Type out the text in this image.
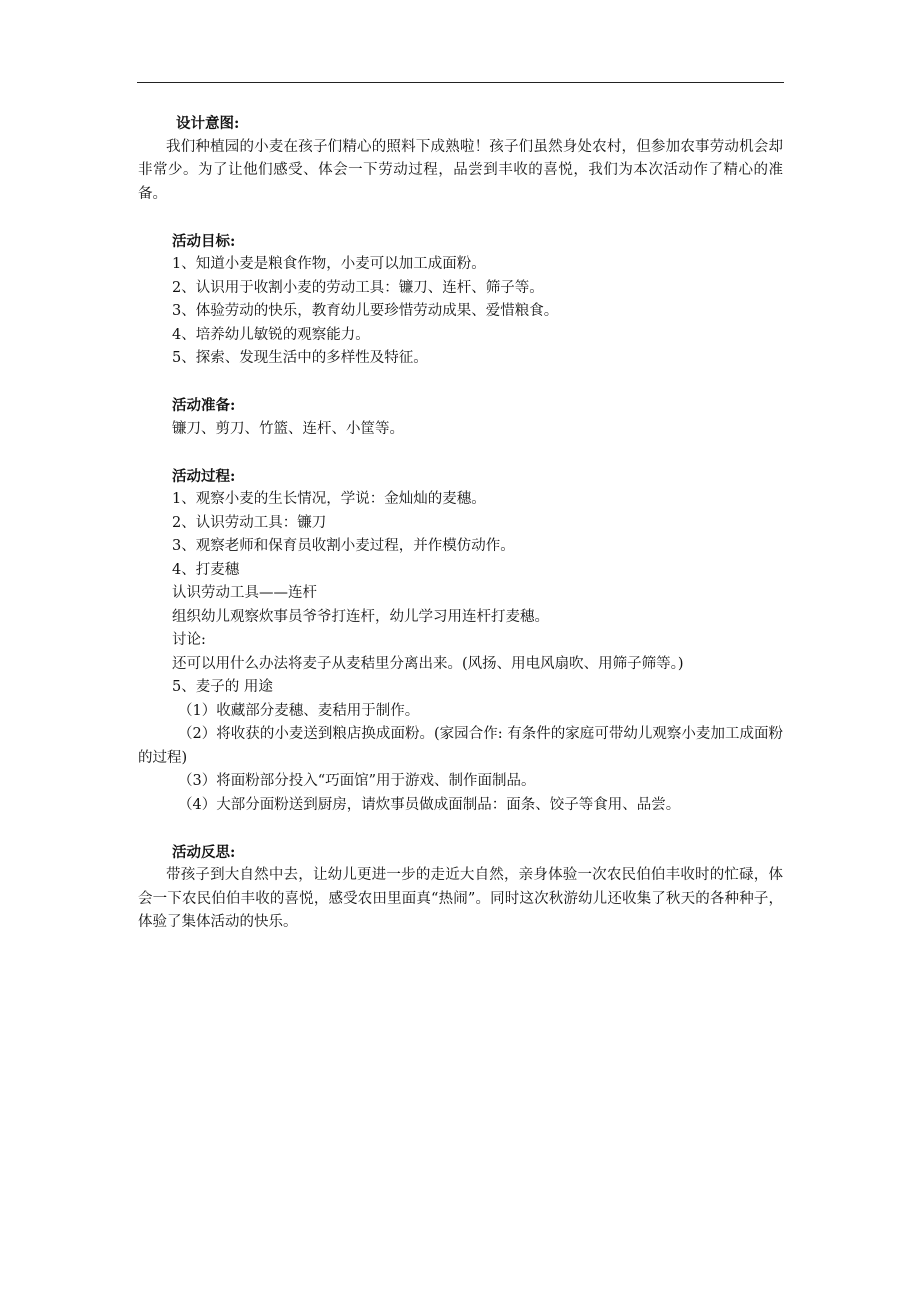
设计意图:

我们种植园的小麦在孩子们精心的照料下成熟啦！孩子们虽然身处农村，但参加农事劳动机会却非常少。为了让他们感受、体会一下劳动过程，品尝到丰收的喜悦，我们为本次活动作了精心的准备。

活动目标:

1、知道小麦是粮食作物，小麦可以加工成面粉。

2、认识用于收割小麦的劳动工具：镰刀、连杆、筛子等。

3、体验劳动的快乐，教育幼儿要珍惜劳动成果、爱惜粮食。

4、培养幼儿敏锐的观察能力。

5、探索、发现生活中的多样性及特征。

活动准备:

镰刀、剪刀、竹篮、连杆、小筐等。

活动过程:

1、观察小麦的生长情况，学说：金灿灿的麦穗。

2、认识劳动工具：镰刀

3、观察老师和保育员收割小麦过程，并作模仿动作。

4、打麦穗

认识劳动工具——连杆

组织幼儿观察炊事员爷爷打连杆，幼儿学习用连杆打麦穗。

讨论:

还可以用什么办法将麦子从麦秸里分离出来。(风扬、用电风扇吹、用筛子筛等。)

5、麦子的 用途

（1）收藏部分麦穗、麦秸用于制作。

（2）将收获的小麦送到粮店换成面粉。(家园合作: 有条件的家庭可带幼儿观察小麦加工成面粉的过程)

（3）将面粉部分投入“巧面馆”用于游戏、制作面制品。

（4）大部分面粉送到厨房，请炊事员做成面制品：面条、饺子等食用、品尝。

活动反思:

带孩子到大自然中去，让幼儿更进一步的走近大自然，亲身体验一次农民伯伯丰收时的忙碌，体会一下农民伯伯丰收的喜悦，感受农田里面真“热闹”。同时这次秋游幼儿还收集了秋天的各种种子，体验了集体活动的快乐。
